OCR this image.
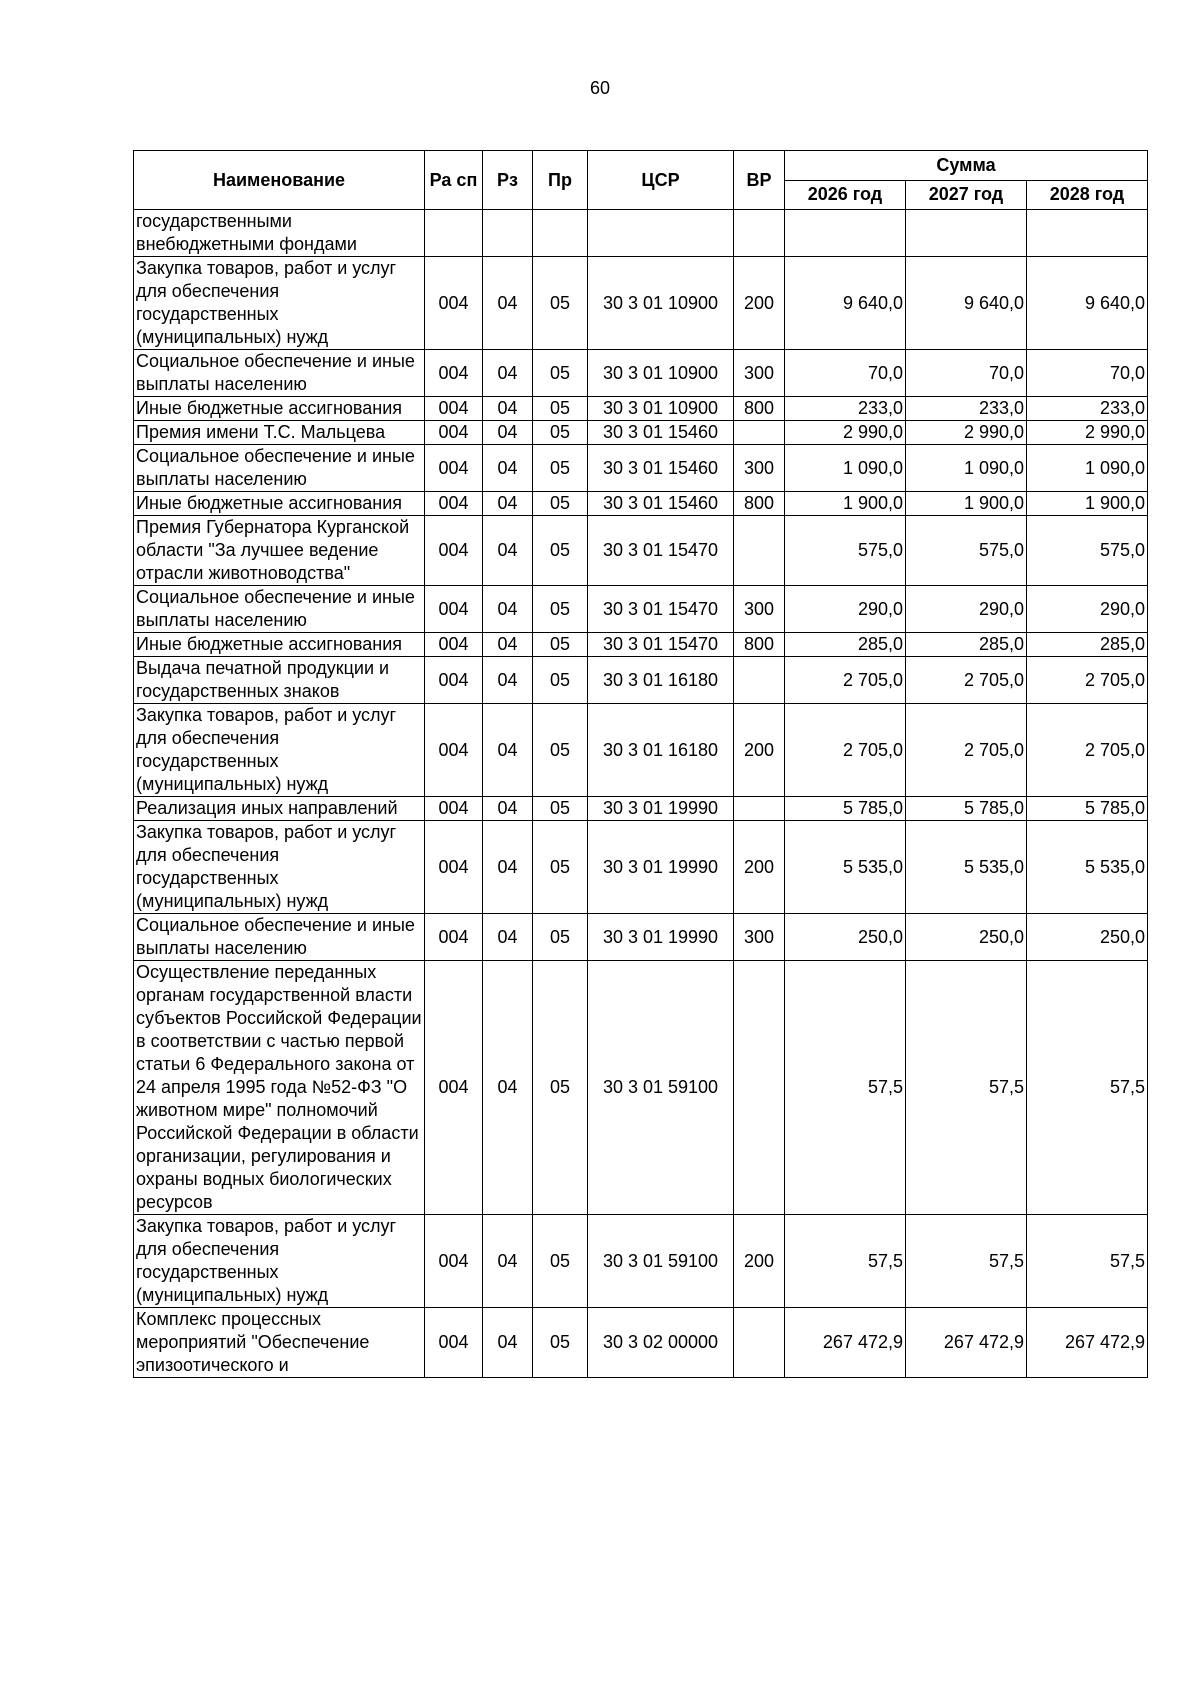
60
Наименование	Ра сп	Рз	Пр	ЦСР	ВР	Сумма		
						2026 год	2027 год	2028 год
государственными внебюджетными фондами								
Закупка товаров, работ и услуг для обеспечения государственных (муниципальных) нужд	004	04	05	30 3 01 10900	200	9 640,0	9 640,0	9 640,0
Социальное обеспечение и иные выплаты населению	004	04	05	30 3 01 10900	300	70,0	70,0	70,0
Иные бюджетные ассигнования	004	04	05	30 3 01 10900	800	233,0	233,0	233,0
Премия имени Т.С. Мальцева	004	04	05	30 3 01 15460		2 990,0	2 990,0	2 990,0
Социальное обеспечение и иные выплаты населению	004	04	05	30 3 01 15460	300	1 090,0	1 090,0	1 090,0
Иные бюджетные ассигнования	004	04	05	30 3 01 15460	800	1 900,0	1 900,0	1 900,0
Премия Губернатора Курганской области "За лучшее ведение отрасли животноводства"	004	04	05	30 3 01 15470		575,0	575,0	575,0
Социальное обеспечение и иные выплаты населению	004	04	05	30 3 01 15470	300	290,0	290,0	290,0
Иные бюджетные ассигнования	004	04	05	30 3 01 15470	800	285,0	285,0	285,0
Выдача печатной продукции и государственных знаков	004	04	05	30 3 01 16180		2 705,0	2 705,0	2 705,0
Закупка товаров, работ и услуг для обеспечения государственных (муниципальных) нужд	004	04	05	30 3 01 16180	200	2 705,0	2 705,0	2 705,0
Реализация иных направлений	004	04	05	30 3 01 19990		5 785,0	5 785,0	5 785,0
Закупка товаров, работ и услуг для обеспечения государственных (муниципальных) нужд	004	04	05	30 3 01 19990	200	5 535,0	5 535,0	5 535,0
Социальное обеспечение и иные выплаты населению	004	04	05	30 3 01 19990	300	250,0	250,0	250,0
Осуществление переданных органам государственной власти субъектов Российской Федерации в соответствии с частью первой статьи 6 Федерального закона от 24 апреля 1995 года №52-ФЗ "О животном мире" полномочий Российской Федерации в области организации, регулирования и охраны водных биологических ресурсов	004	04	05	30 3 01 59100		57,5	57,5	57,5
Закупка товаров, работ и услуг для обеспечения государственных (муниципальных) нужд	004	04	05	30 3 01 59100	200	57,5	57,5	57,5
Комплекс процессных мероприятий "Обеспечение эпизоотического и	004	04	05	30 3 02 00000		267 472,9	267 472,9	267 472,9
